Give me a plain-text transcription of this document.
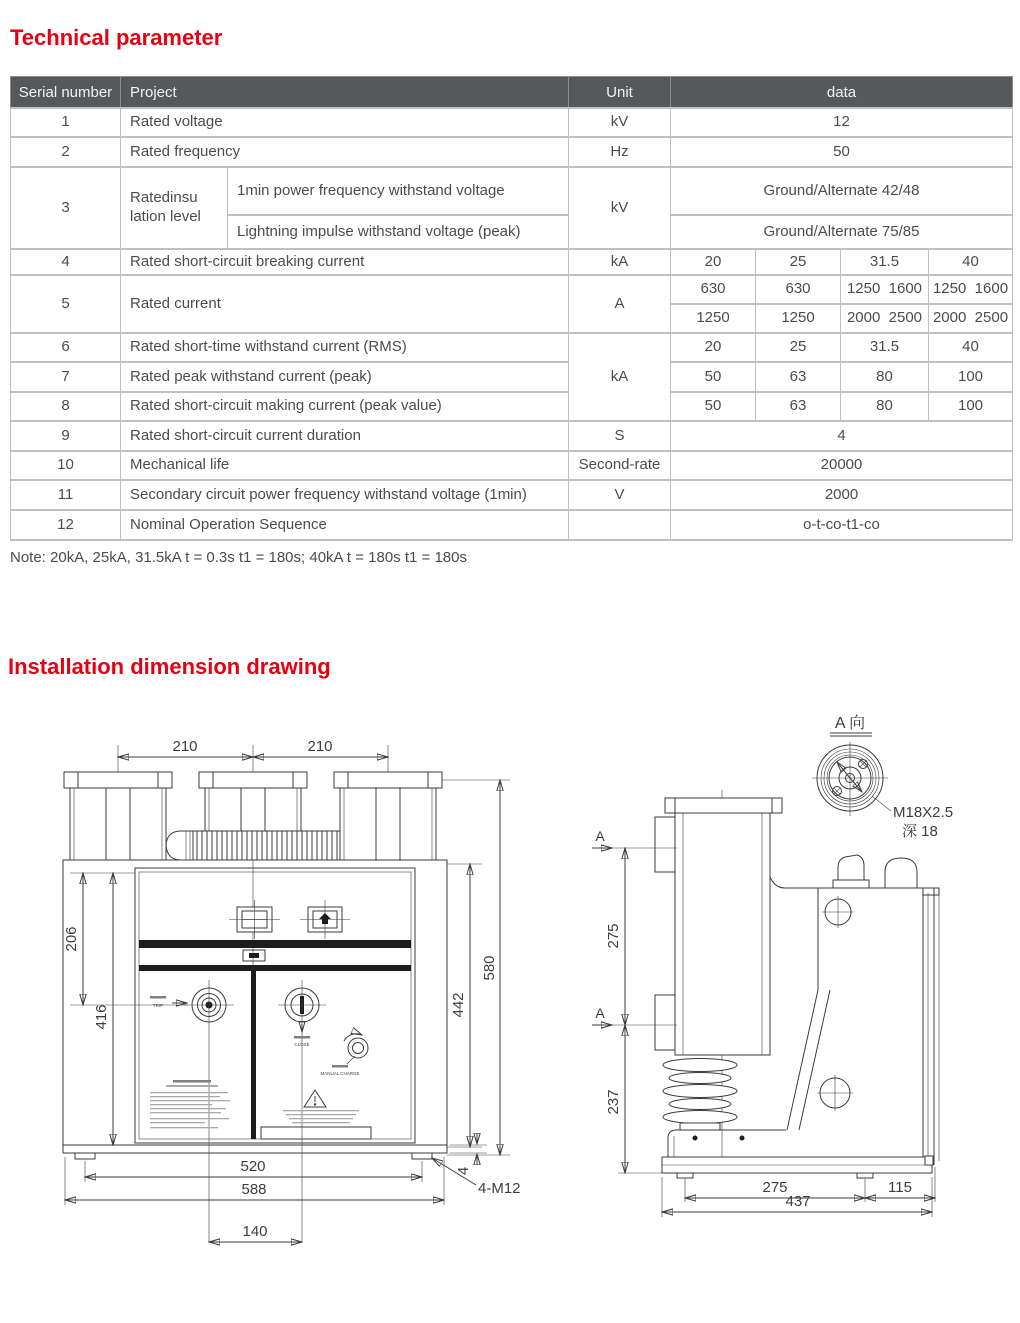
Technical parameter
Serial number	Project		Unit	data			
1	Rated voltage		kV	12			
2	Rated frequency		Hz	50			
3	Ratedinsu lation level	1min power frequency withstand voltage	kV	Ground/Alternate 42/48			
		Lightning impulse withstand voltage (peak)		Ground/Alternate 75/85			
4	Rated short-circuit breaking current		kA	20	25	31.5	40
5	Rated current		A	630	630	1250  1600	1250  1600
				1250	1250	2000  2500	2000  2500
6	Rated short-time withstand current (RMS)		kA	20	25	31.5	40
7	Rated peak withstand current (peak)			50	63	80	100
8	Rated short-circuit making current (peak value)			50	63	80	100
9	Rated short-circuit current duration		S	4			
10	Mechanical life		Second-rate	20000			
11	Secondary circuit power frequency withstand voltage (1min)		V	2000			
12	Nominal Operation Sequence			o-t-co-t1-co			
Note: 20kA, 25kA, 31.5kA t = 0.3s t1 = 180s; 40kA t = 180s t1 = 180s
Installation dimension drawing
210	210
TRIP
CLOSE
MANUAL CHARGE
206
416
580
442
4
520
588
140
4-M12
A 向
M18X2.5
深 18
A
A
275
237
275	115
437
